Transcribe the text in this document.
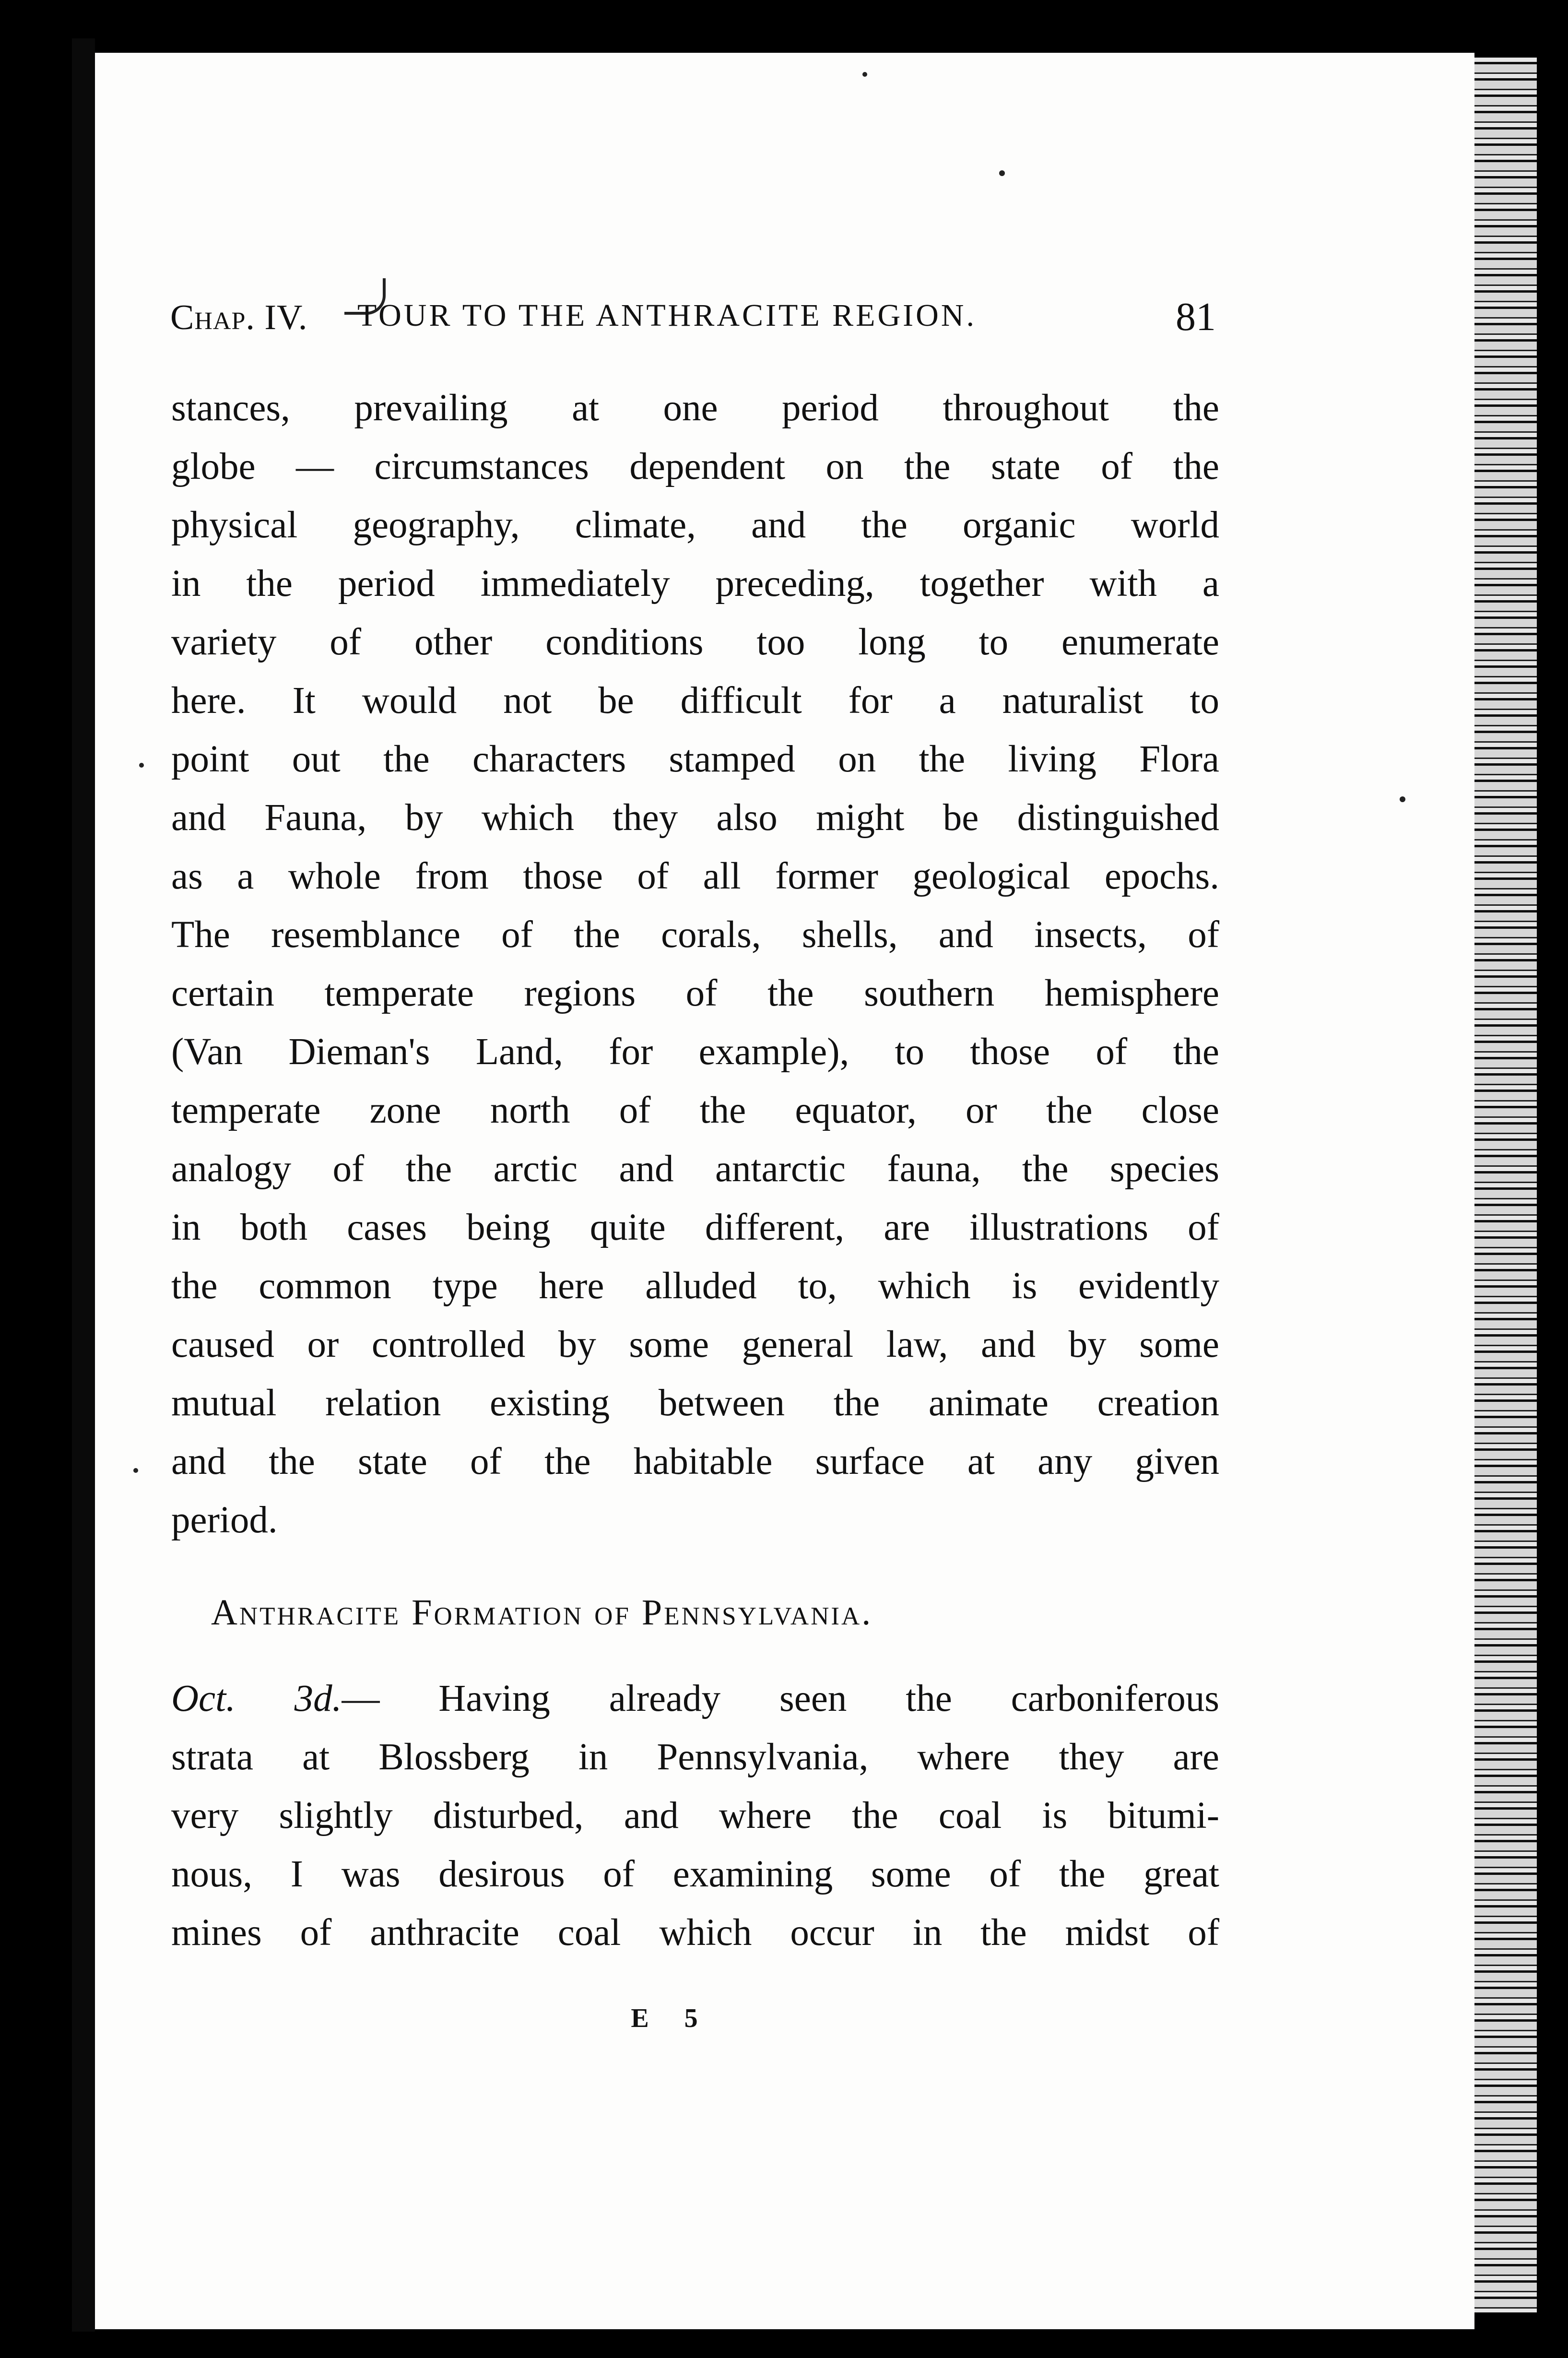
Chap. IV. TOUR TO THE ANTHRACITE REGION.	81
stances, prevailing at one period throughout the
globe — circumstances dependent on the state of the
physical geography, climate, and the organic world
in the period immediately preceding, together with a
variety of other conditions too long to enumerate
here. It would not be difficult for a naturalist to
point out the characters stamped on the living Flora
and Fauna, by which they also might be distinguished
as a whole from those of all former geological epochs.
The resemblance of the corals, shells, and insects, of
certain temperate regions of the southern hemisphere
(Van Dieman's Land, for example), to those of the
temperate zone north of the equator, or the close
analogy of the arctic and antarctic fauna, the species
in both cases being quite different, are illustrations of
the common type here alluded to, which is evidently
caused or controlled by some general law, and by some
mutual relation existing between the animate creation
and the state of the habitable surface at any given
period.
Anthracite Formation of Pennsylvania.
Oct. 3d.— Having already seen the carboniferous
strata at Blossberg in Pennsylvania, where they are
very slightly disturbed, and where the coal is bitumi-
nous, I was desirous of examining some of the great
mines of anthracite coal which occur in the midst of
E 5
